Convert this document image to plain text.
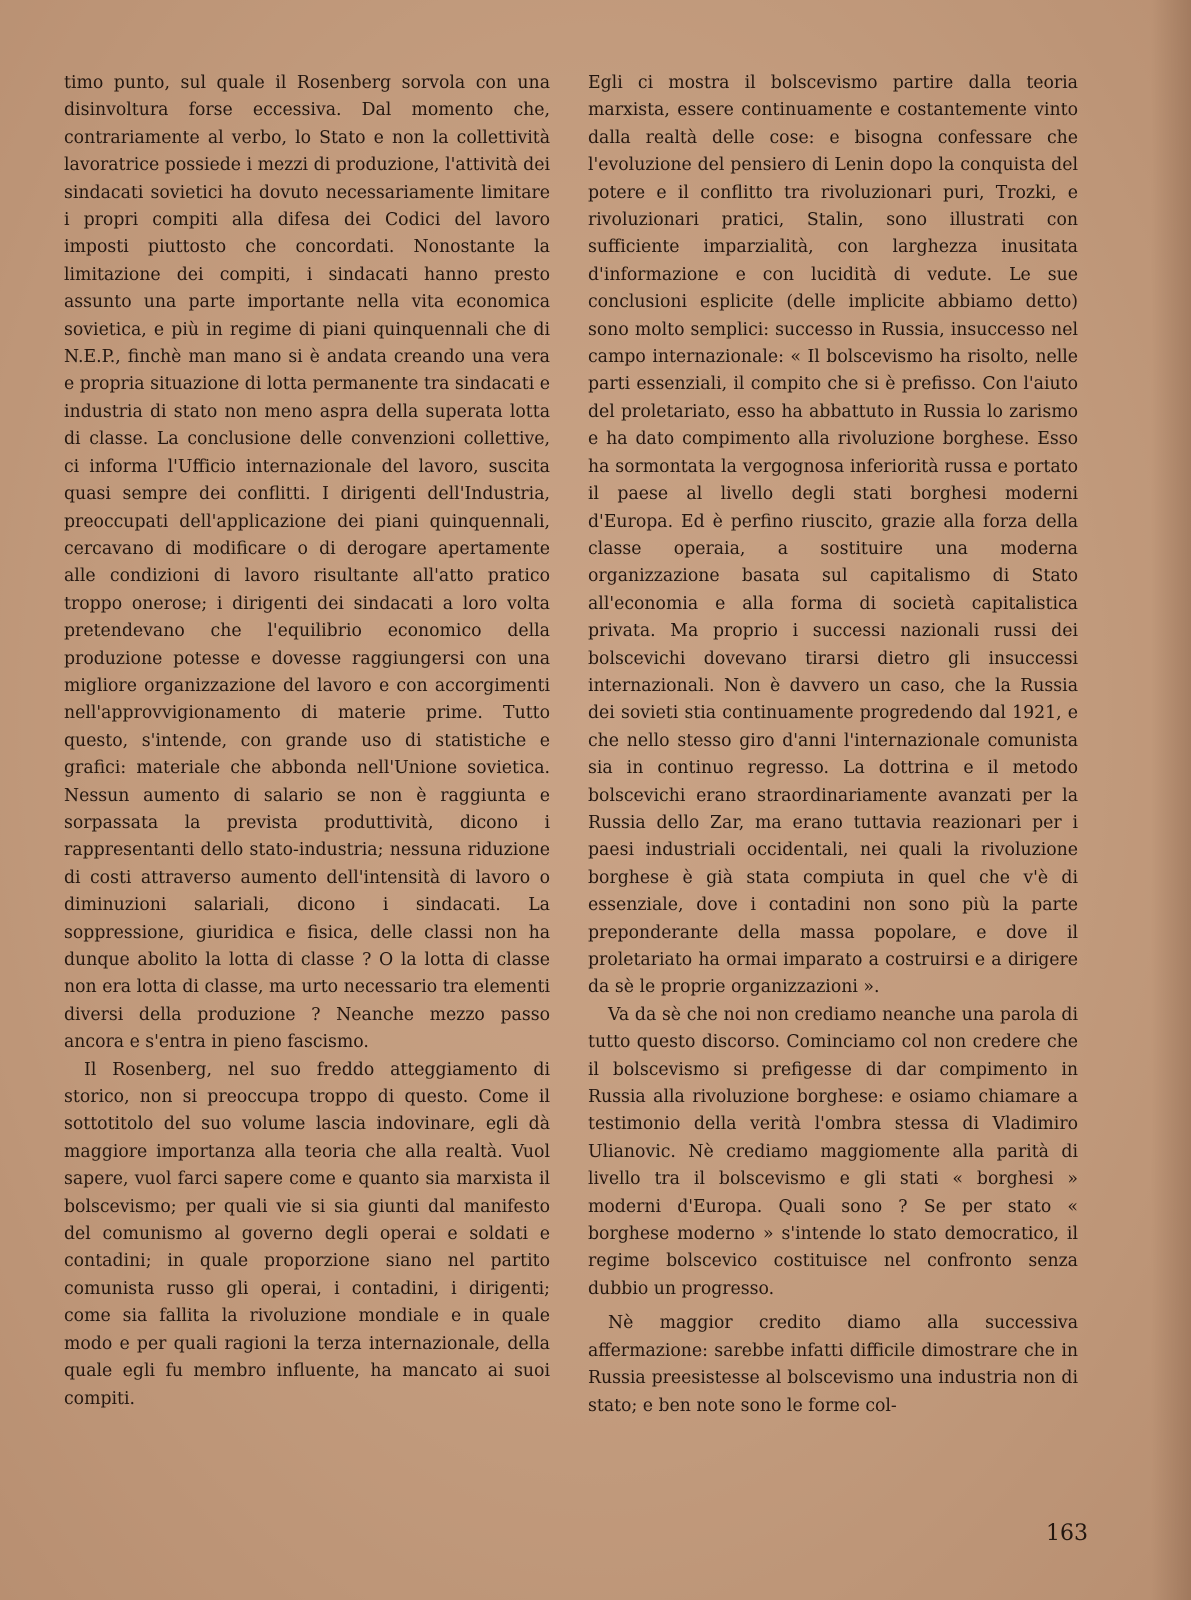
timo punto, sul quale il Rosenberg sorvola con una disinvoltura forse eccessiva. Dal momento che, contrariamente al verbo, lo Stato e non la collettività lavoratrice possiede i mezzi di produzione, l'attività dei sindacati sovietici ha dovuto necessariamente limitare i propri compiti alla difesa dei Codici del lavoro imposti piuttosto che concordati. Nonostante la limitazione dei compiti, i sindacati hanno presto assunto una parte importante nella vita economica sovietica, e più in regime di piani quinquennali che di N.E.P., finchè man mano si è andata creando una vera e propria situazione di lotta permanente tra sindacati e industria di stato non meno aspra della superata lotta di classe. La conclusione delle convenzioni collettive, ci informa l'Ufficio internazionale del lavoro, suscita quasi sempre dei conflitti. I dirigenti dell'Industria, preoccupati dell'applicazione dei piani quinquennali, cercavano di modificare o di derogare apertamente alle condizioni di lavoro risultante all'atto pratico troppo onerose; i dirigenti dei sindacati a loro volta pretendevano che l'equilibrio economico della produzione potesse e dovesse raggiungersi con una migliore organizzazione del lavoro e con accorgimenti nell'approvvigionamento di materie prime. Tutto questo, s'intende, con grande uso di statistiche e grafici: materiale che abbonda nell'Unione sovietica. Nessun aumento di salario se non è raggiunta e sorpassata la prevista produttività, dicono i rappresentanti dello stato-industria; nessuna riduzione di costi attraverso aumento dell'intensità di lavoro o diminuzioni salariali, dicono i sindacati. La soppressione, giuridica e fisica, delle classi non ha dunque abolito la lotta di classe ? O la lotta di classe non era lotta di classe, ma urto necessario tra elementi diversi della produzione ? Neanche mezzo passo ancora e s'entra in pieno fascismo.

Il Rosenberg, nel suo freddo atteggiamento di storico, non si preoccupa troppo di questo. Come il sottotitolo del suo volume lascia indovinare, egli dà maggiore importanza alla teoria che alla realtà. Vuol sapere, vuol farci sapere come e quanto sia marxista il bolscevismo; per quali vie si sia giunti dal manifesto del comunismo al governo degli operai e soldati e contadini; in quale proporzione siano nel partito comunista russo gli operai, i contadini, i dirigenti; come sia fallita la rivoluzione mondiale e in quale modo e per quali ragioni la terza internazionale, della quale egli fu membro influente, ha mancato ai suoi compiti.

Egli ci mostra il bolscevismo partire dalla teoria marxista, essere continuamente e costantemente vinto dalla realtà delle cose: e bisogna confessare che l'evoluzione del pensiero di Lenin dopo la conquista del potere e il conflitto tra rivoluzionari puri, Trozki, e rivoluzionari pratici, Stalin, sono illustrati con sufficiente imparzialità, con larghezza inusitata d'informazione e con lucidità di vedute. Le sue conclusioni esplicite (delle implicite abbiamo detto) sono molto semplici: successo in Russia, insuccesso nel campo internazionale: « Il bolscevismo ha risolto, nelle parti essenziali, il compito che si è prefisso. Con l'aiuto del proletariato, esso ha abbattuto in Russia lo zarismo e ha dato compimento alla rivoluzione borghese. Esso ha sormontata la vergognosa inferiorità russa e portato il paese al livello degli stati borghesi moderni d'Europa. Ed è perfino riuscito, grazie alla forza della classe operaia, a sostituire una moderna organizzazione basata sul capitalismo di Stato all'economia e alla forma di società capitalistica privata. Ma proprio i successi nazionali russi dei bolscevichi dovevano tirarsi dietro gli insuccessi internazionali. Non è davvero un caso, che la Russia dei sovieti stia continuamente progredendo dal 1921, e che nello stesso giro d'anni l'internazionale comunista sia in continuo regresso. La dottrina e il metodo bolscevichi erano straordinariamente avanzati per la Russia dello Zar, ma erano tuttavia reazionari per i paesi industriali occidentali, nei quali la rivoluzione borghese è già stata compiuta in quel che v'è di essenziale, dove i contadini non sono più la parte preponderante della massa popolare, e dove il proletariato ha ormai imparato a costruirsi e a dirigere da sè le proprie organizzazioni ».

Va da sè che noi non crediamo neanche una parola di tutto questo discorso. Cominciamo col non credere che il bolscevismo si prefigesse di dar compimento in Russia alla rivoluzione borghese: e osiamo chiamare a testimonio della verità l'ombra stessa di Vladimiro Ulianovic. Nè crediamo maggiomente alla parità di livello tra il bolscevismo e gli stati « borghesi » moderni d'Europa. Quali sono ? Se per stato « borghese moderno » s'intende lo stato democratico, il regime bolscevico costituisce nel confronto senza dubbio un progresso.

Nè maggior credito diamo alla successiva affermazione: sarebbe infatti difficile dimostrare che in Russia preesistesse al bolscevismo una industria non di stato; e ben note sono le forme col-

163
